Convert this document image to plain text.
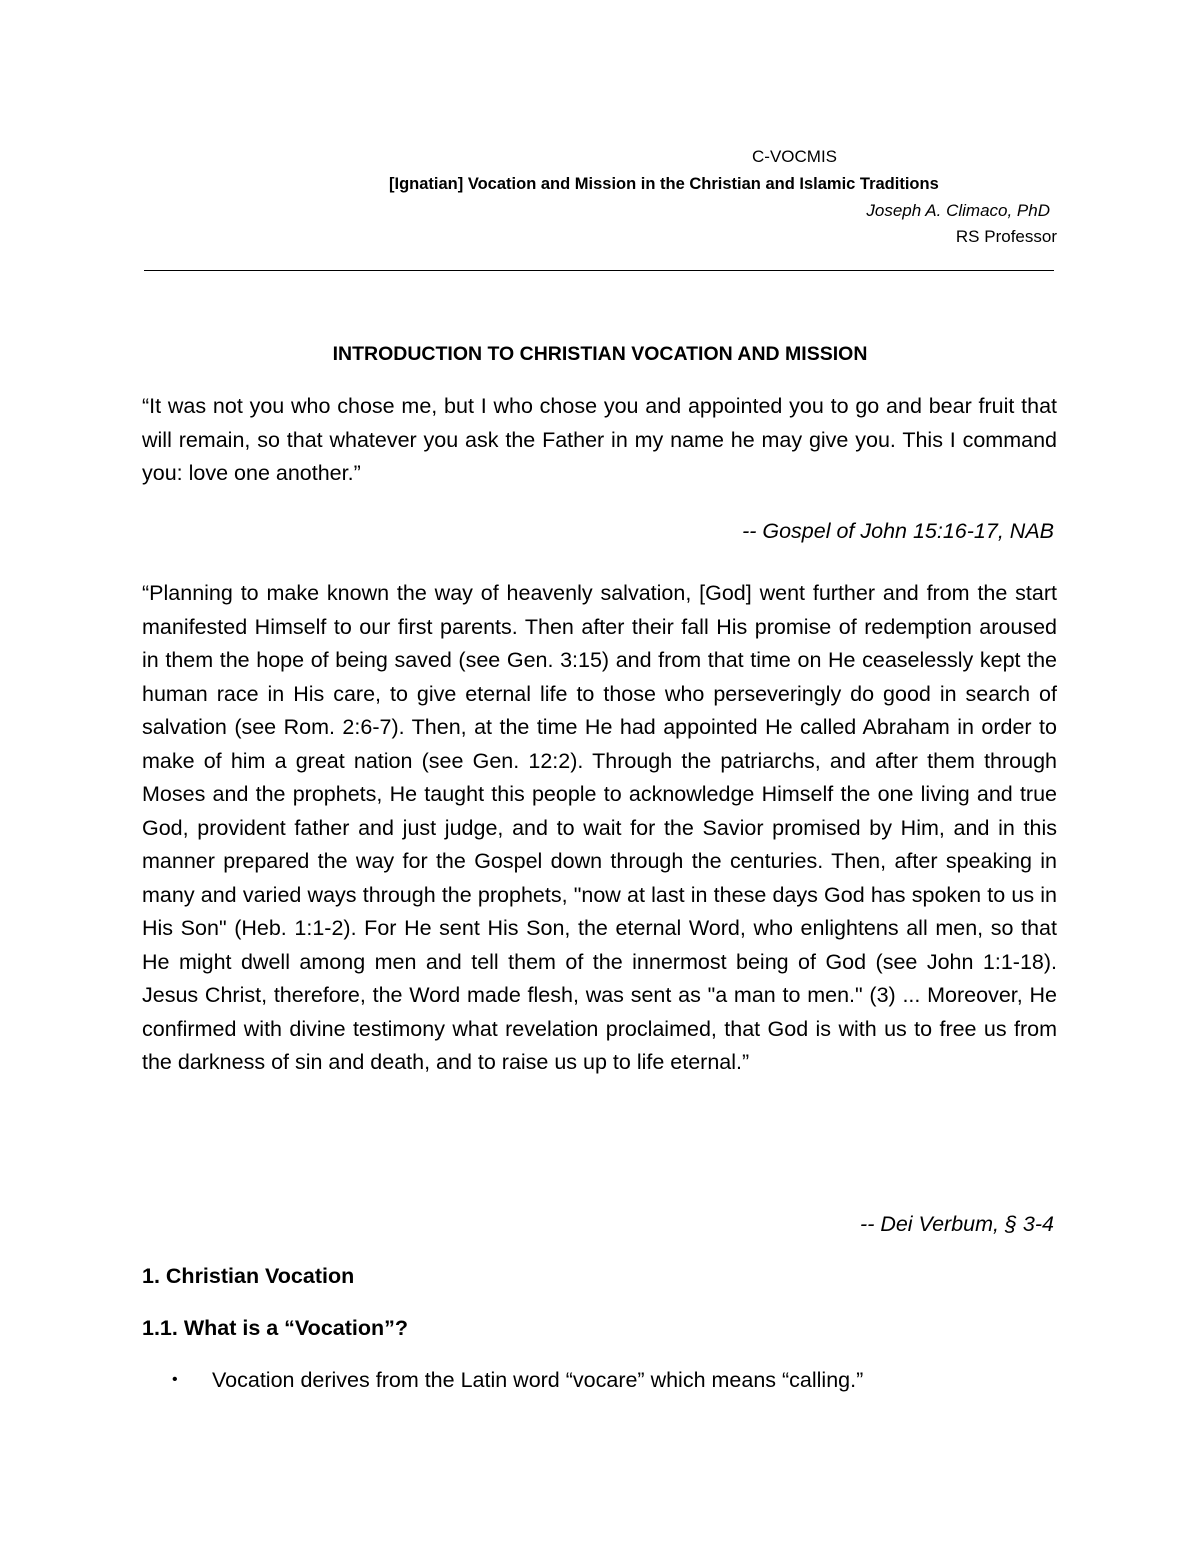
C-VOCMIS
[Ignatian] Vocation and Mission in the Christian and Islamic Traditions
Joseph A. Climaco, PhD
RS Professor
INTRODUCTION TO CHRISTIAN VOCATION AND MISSION
“It was not you who chose me, but I who chose you and appointed you to go and bear fruit that will remain, so that whatever you ask the Father in my name he may give you. This I command you: love one another.”
-- Gospel of John 15:16-17, NAB
“Planning to make known the way of heavenly salvation, [God] went further and from the start manifested Himself to our first parents. Then after their fall His promise of redemption aroused in them the hope of being saved (see Gen. 3:15) and from that time on He ceaselessly kept the human race in His care, to give eternal life to those who perseveringly do good in search of salvation (see Rom. 2:6-7). Then, at the time He had appointed He called Abraham in order to make of him a great nation (see Gen. 12:2). Through the patriarchs, and after them through Moses and the prophets, He taught this people to acknowledge Himself the one living and true God, provident father and just judge, and to wait for the Savior promised by Him, and in this manner prepared the way for the Gospel down through the centuries. Then, after speaking in many and varied ways through the prophets, "now at last in these days God has spoken to us in His Son" (Heb. 1:1-2). For He sent His Son, the eternal Word, who enlightens all men, so that He might dwell among men and tell them of the innermost being of God (see John 1:1-18). Jesus Christ, therefore, the Word made flesh, was sent as "a man to men." (3) ... Moreover, He confirmed with divine testimony what revelation proclaimed, that God is with us to free us from the darkness of sin and death, and to raise us up to life eternal.”
-- Dei Verbum, § 3-4
1. Christian Vocation
1.1. What is a “Vocation”?
• Vocation derives from the Latin word “vocare” which means “calling.”
